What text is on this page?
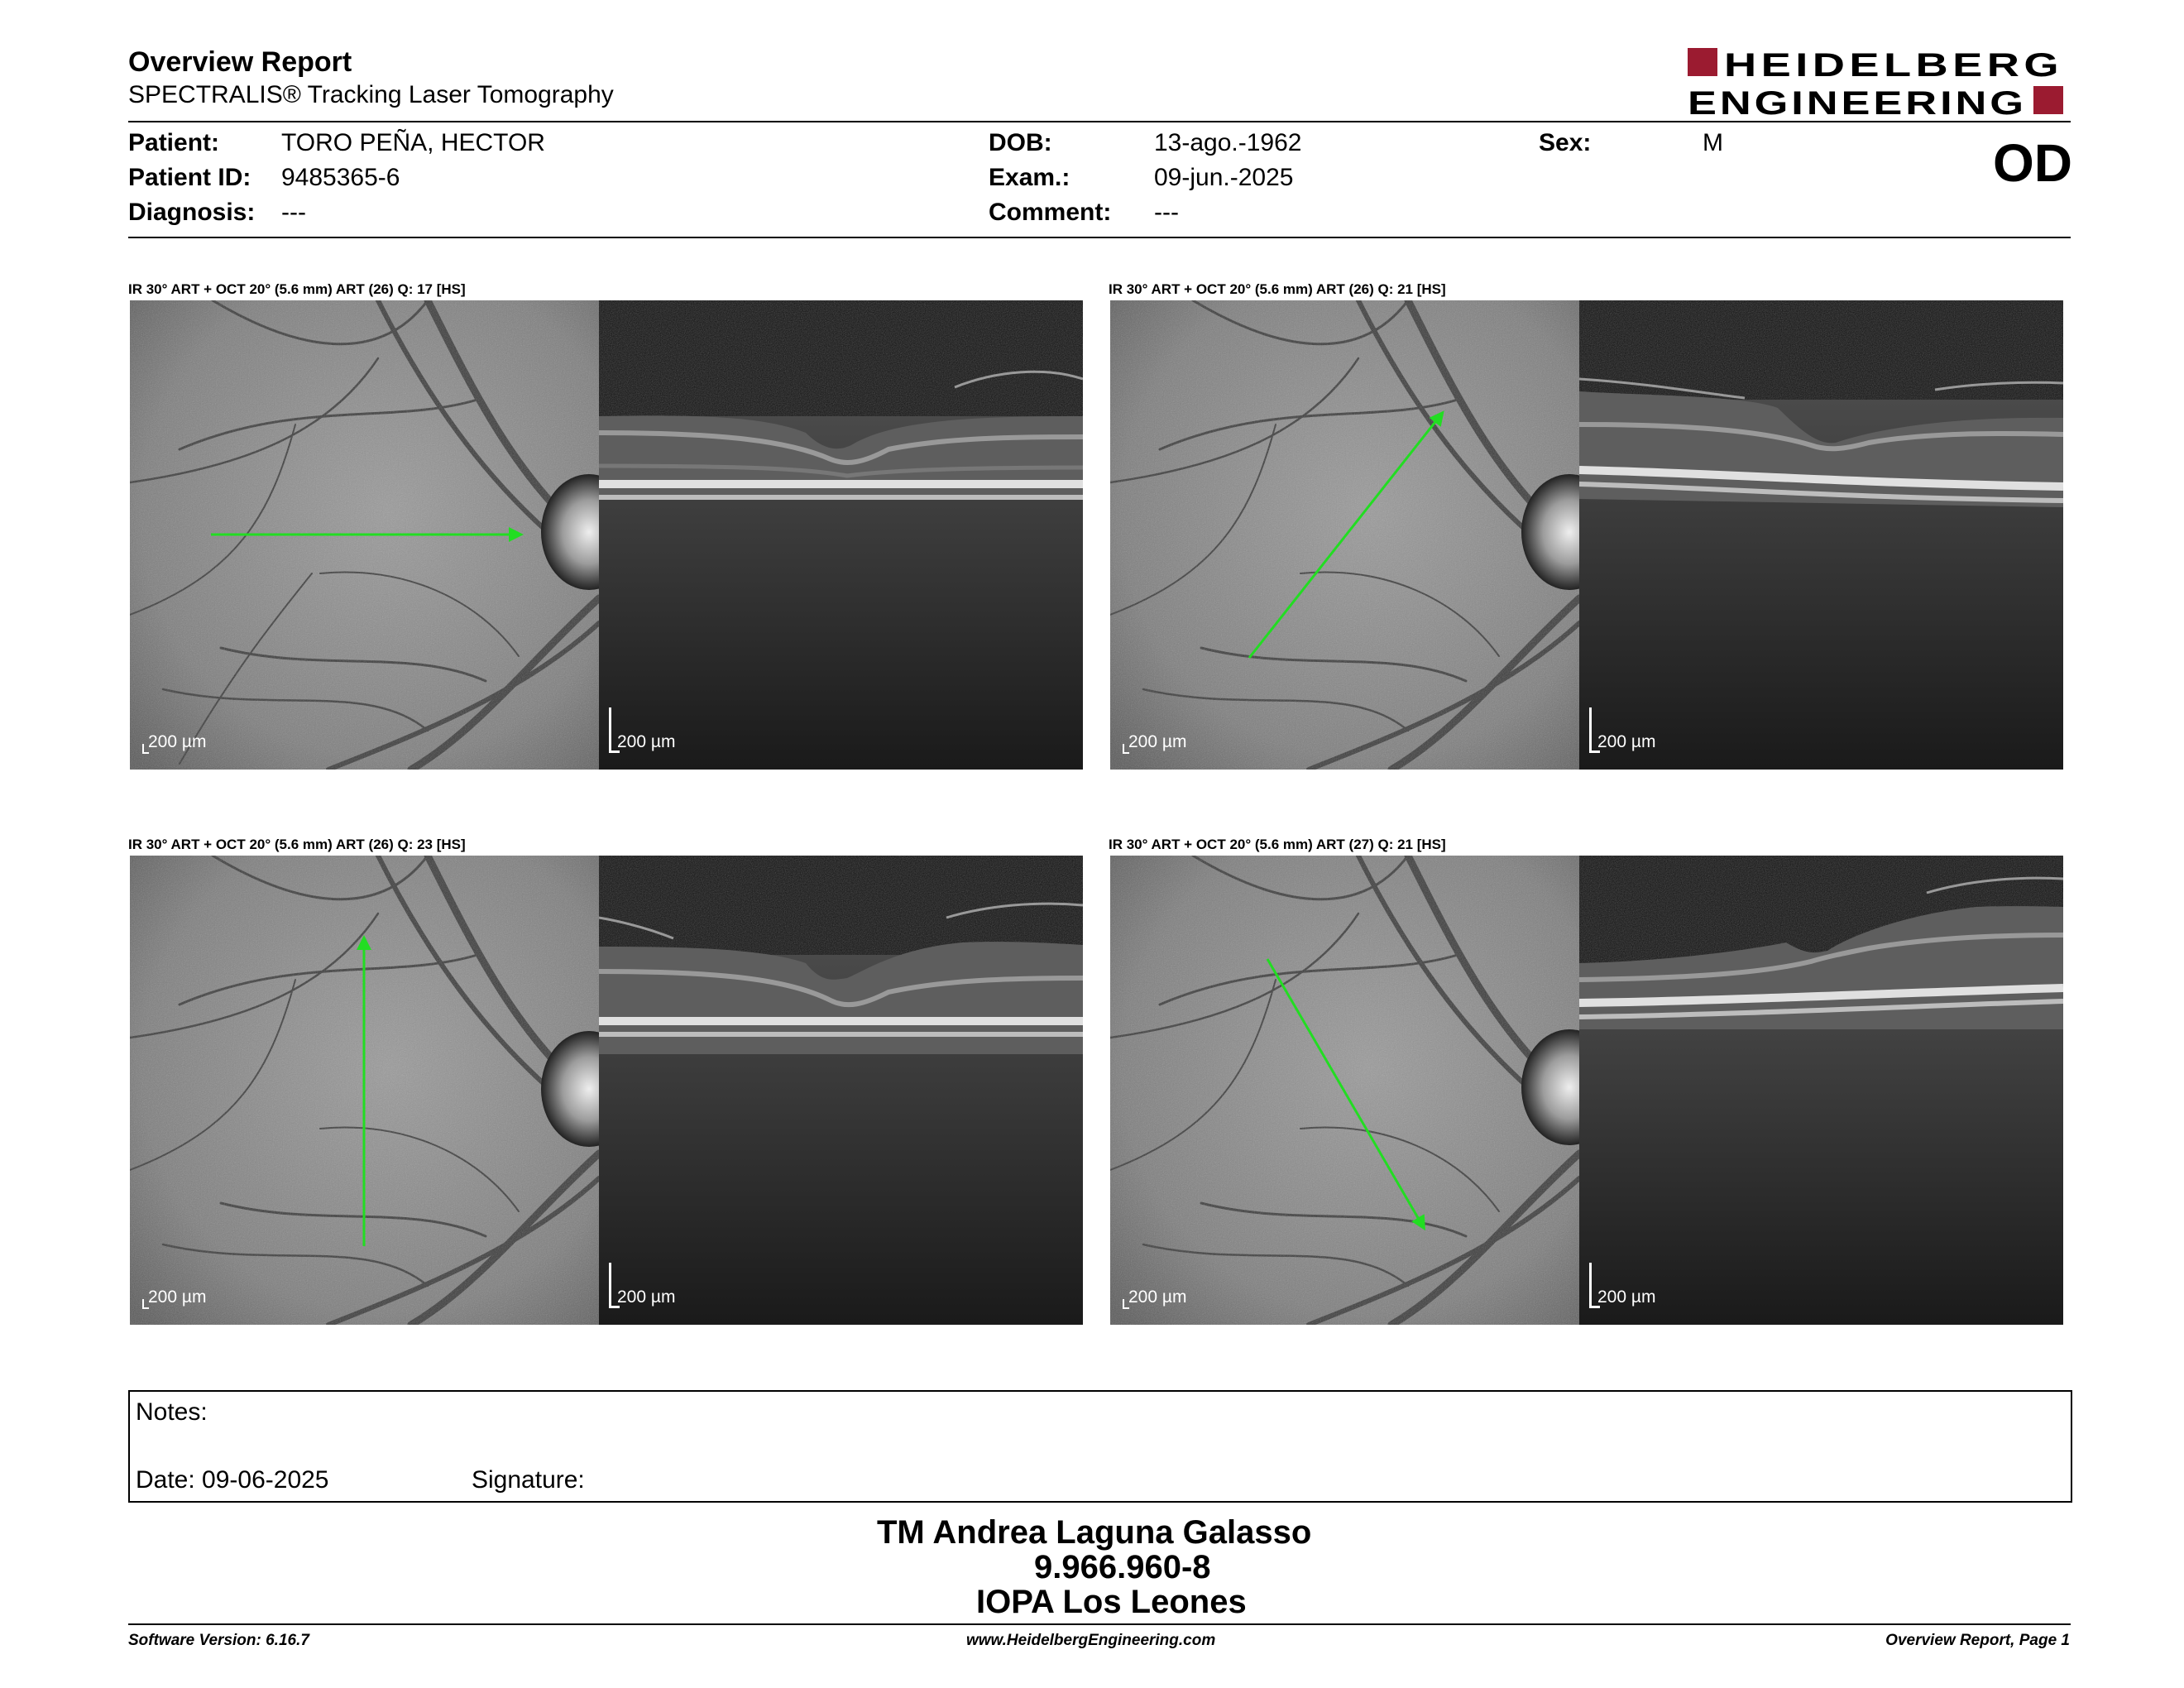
Overview Report
SPECTRALIS® Tracking Laser Tomography
HEIDELBERG
ENGINEERING
Patient: TORO PEÑA, HECTOR
Patient ID: 9485365-6
Diagnosis: ---
DOB:	13-ago.-1962
Exam.:	09-jun.-2025
Comment: ---
Sex:	M	OD
IR 30° ART + OCT 20° (5.6 mm) ART (26) Q: 17 [HS]
200 µm	200 µm
IR 30° ART + OCT 20° (5.6 mm) ART (26) Q: 21 [HS]
200 µm	200 µm
IR 30° ART + OCT 20° (5.6 mm) ART (26) Q: 23 [HS]
200 µm	200 µm
IR 30° ART + OCT 20° (5.6 mm) ART (27) Q: 21 [HS]
200 µm	200 µm
Notes:
Date: 09-06-2025	Signature:
TM Andrea Laguna Galasso
9.966.960-8
IOPA Los Leones
Software Version: 6.16.7	www.HeidelbergEngineering.com	Overview Report, Page 1
